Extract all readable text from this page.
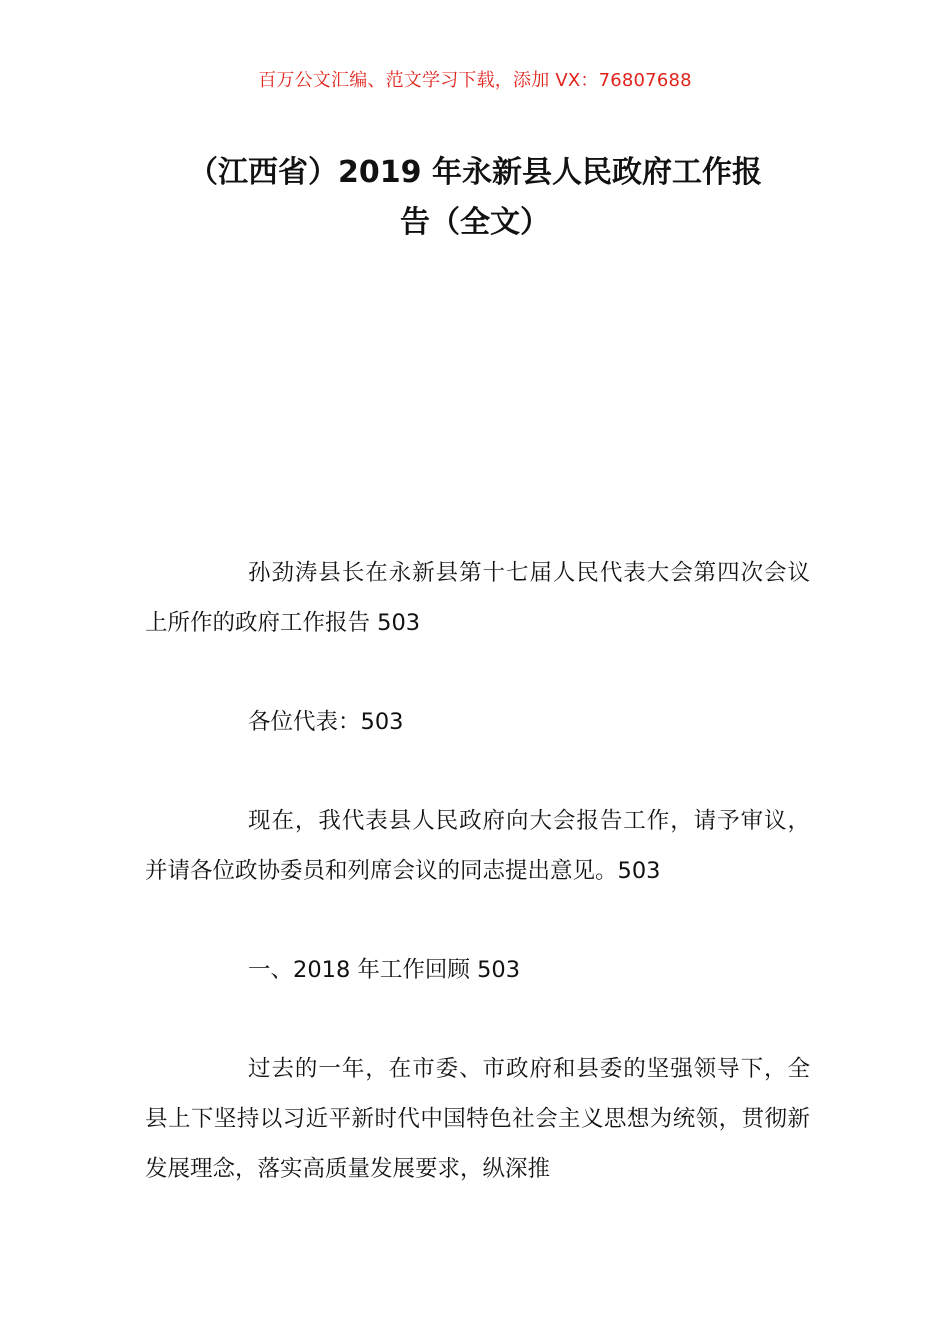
百万公文汇编、范文学习下载，添加 VX：76807688
（江西省）2019 年永新县人民政府工作报
告（全文）

孙劲涛县长在永新县第十七届人民代表大会第四次会议上所作的政府工作报告 503

各位代表：503

现在，我代表县人民政府向大会报告工作，请予审议，并请各位政协委员和列席会议的同志提出意见。503

一、2018 年工作回顾 503

过去的一年，在市委、市政府和县委的坚强领导下，全县上下坚持以习近平新时代中国特色社会主义思想为统领，贯彻新发展理念，落实高质量发展要求，纵深推
